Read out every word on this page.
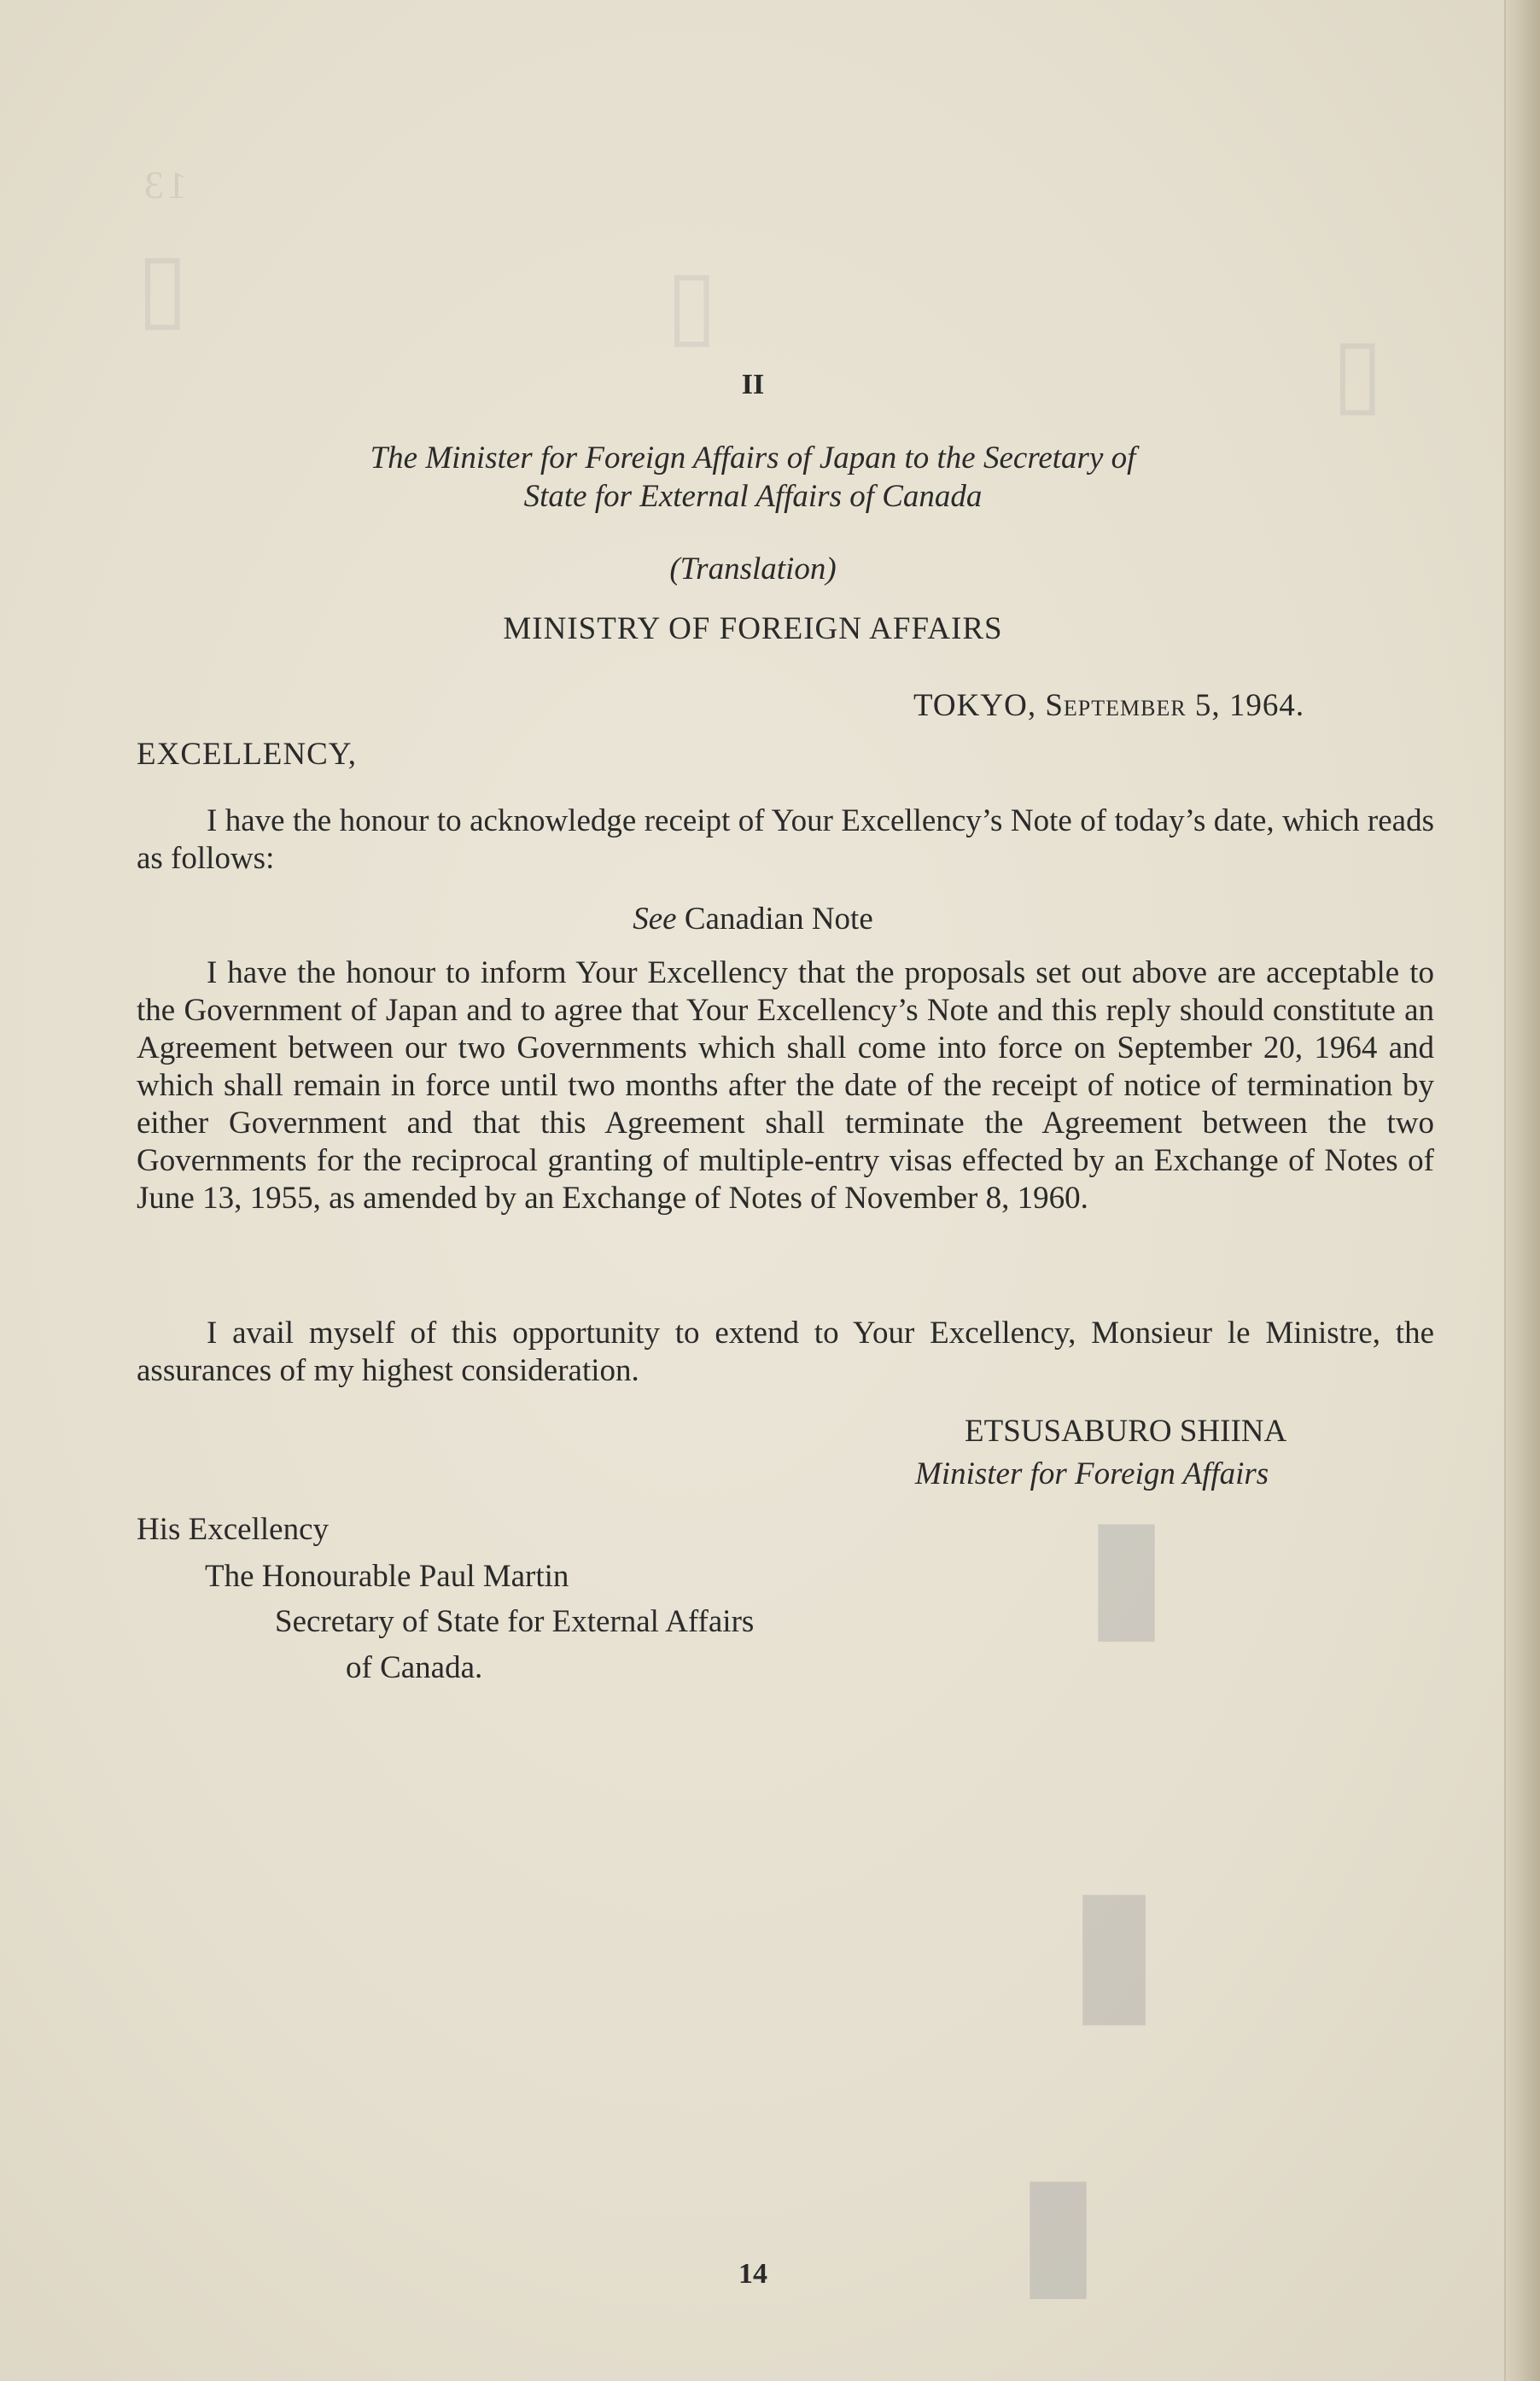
13
▯	▯
▯
▮
▮
▮
II
The Minister for Foreign Affairs of Japan to the Secretary of
State for External Affairs of Canada
(Translation)
MINISTRY OF FOREIGN AFFAIRS
TOKYO, September 5, 1964.
EXCELLENCY,

I have the honour to acknowledge receipt of Your Excellency’s Note of today’s date, which reads as follows:

See Canadian Note

I have the honour to inform Your Excellency that the proposals set out above are acceptable to the Government of Japan and to agree that Your Excellency’s Note and this reply should constitute an Agreement between our two Governments which shall come into force on September 20, 1964 and which shall remain in force until two months after the date of the receipt of notice of termination by either Government and that this Agreement shall terminate the Agreement between the two Governments for the reciprocal granting of multiple-entry visas effected by an Exchange of Notes of June 13, 1955, as amended by an Exchange of Notes of November 8, 1960.

I avail myself of this opportunity to extend to Your Excellency, Monsieur le Ministre, the assurances of my highest consideration.

ETSUSABURO SHIINA
Minister for Foreign Affairs
His Excellency
The Honourable Paul Martin
Secretary of State for External Affairs
of Canada.
14
